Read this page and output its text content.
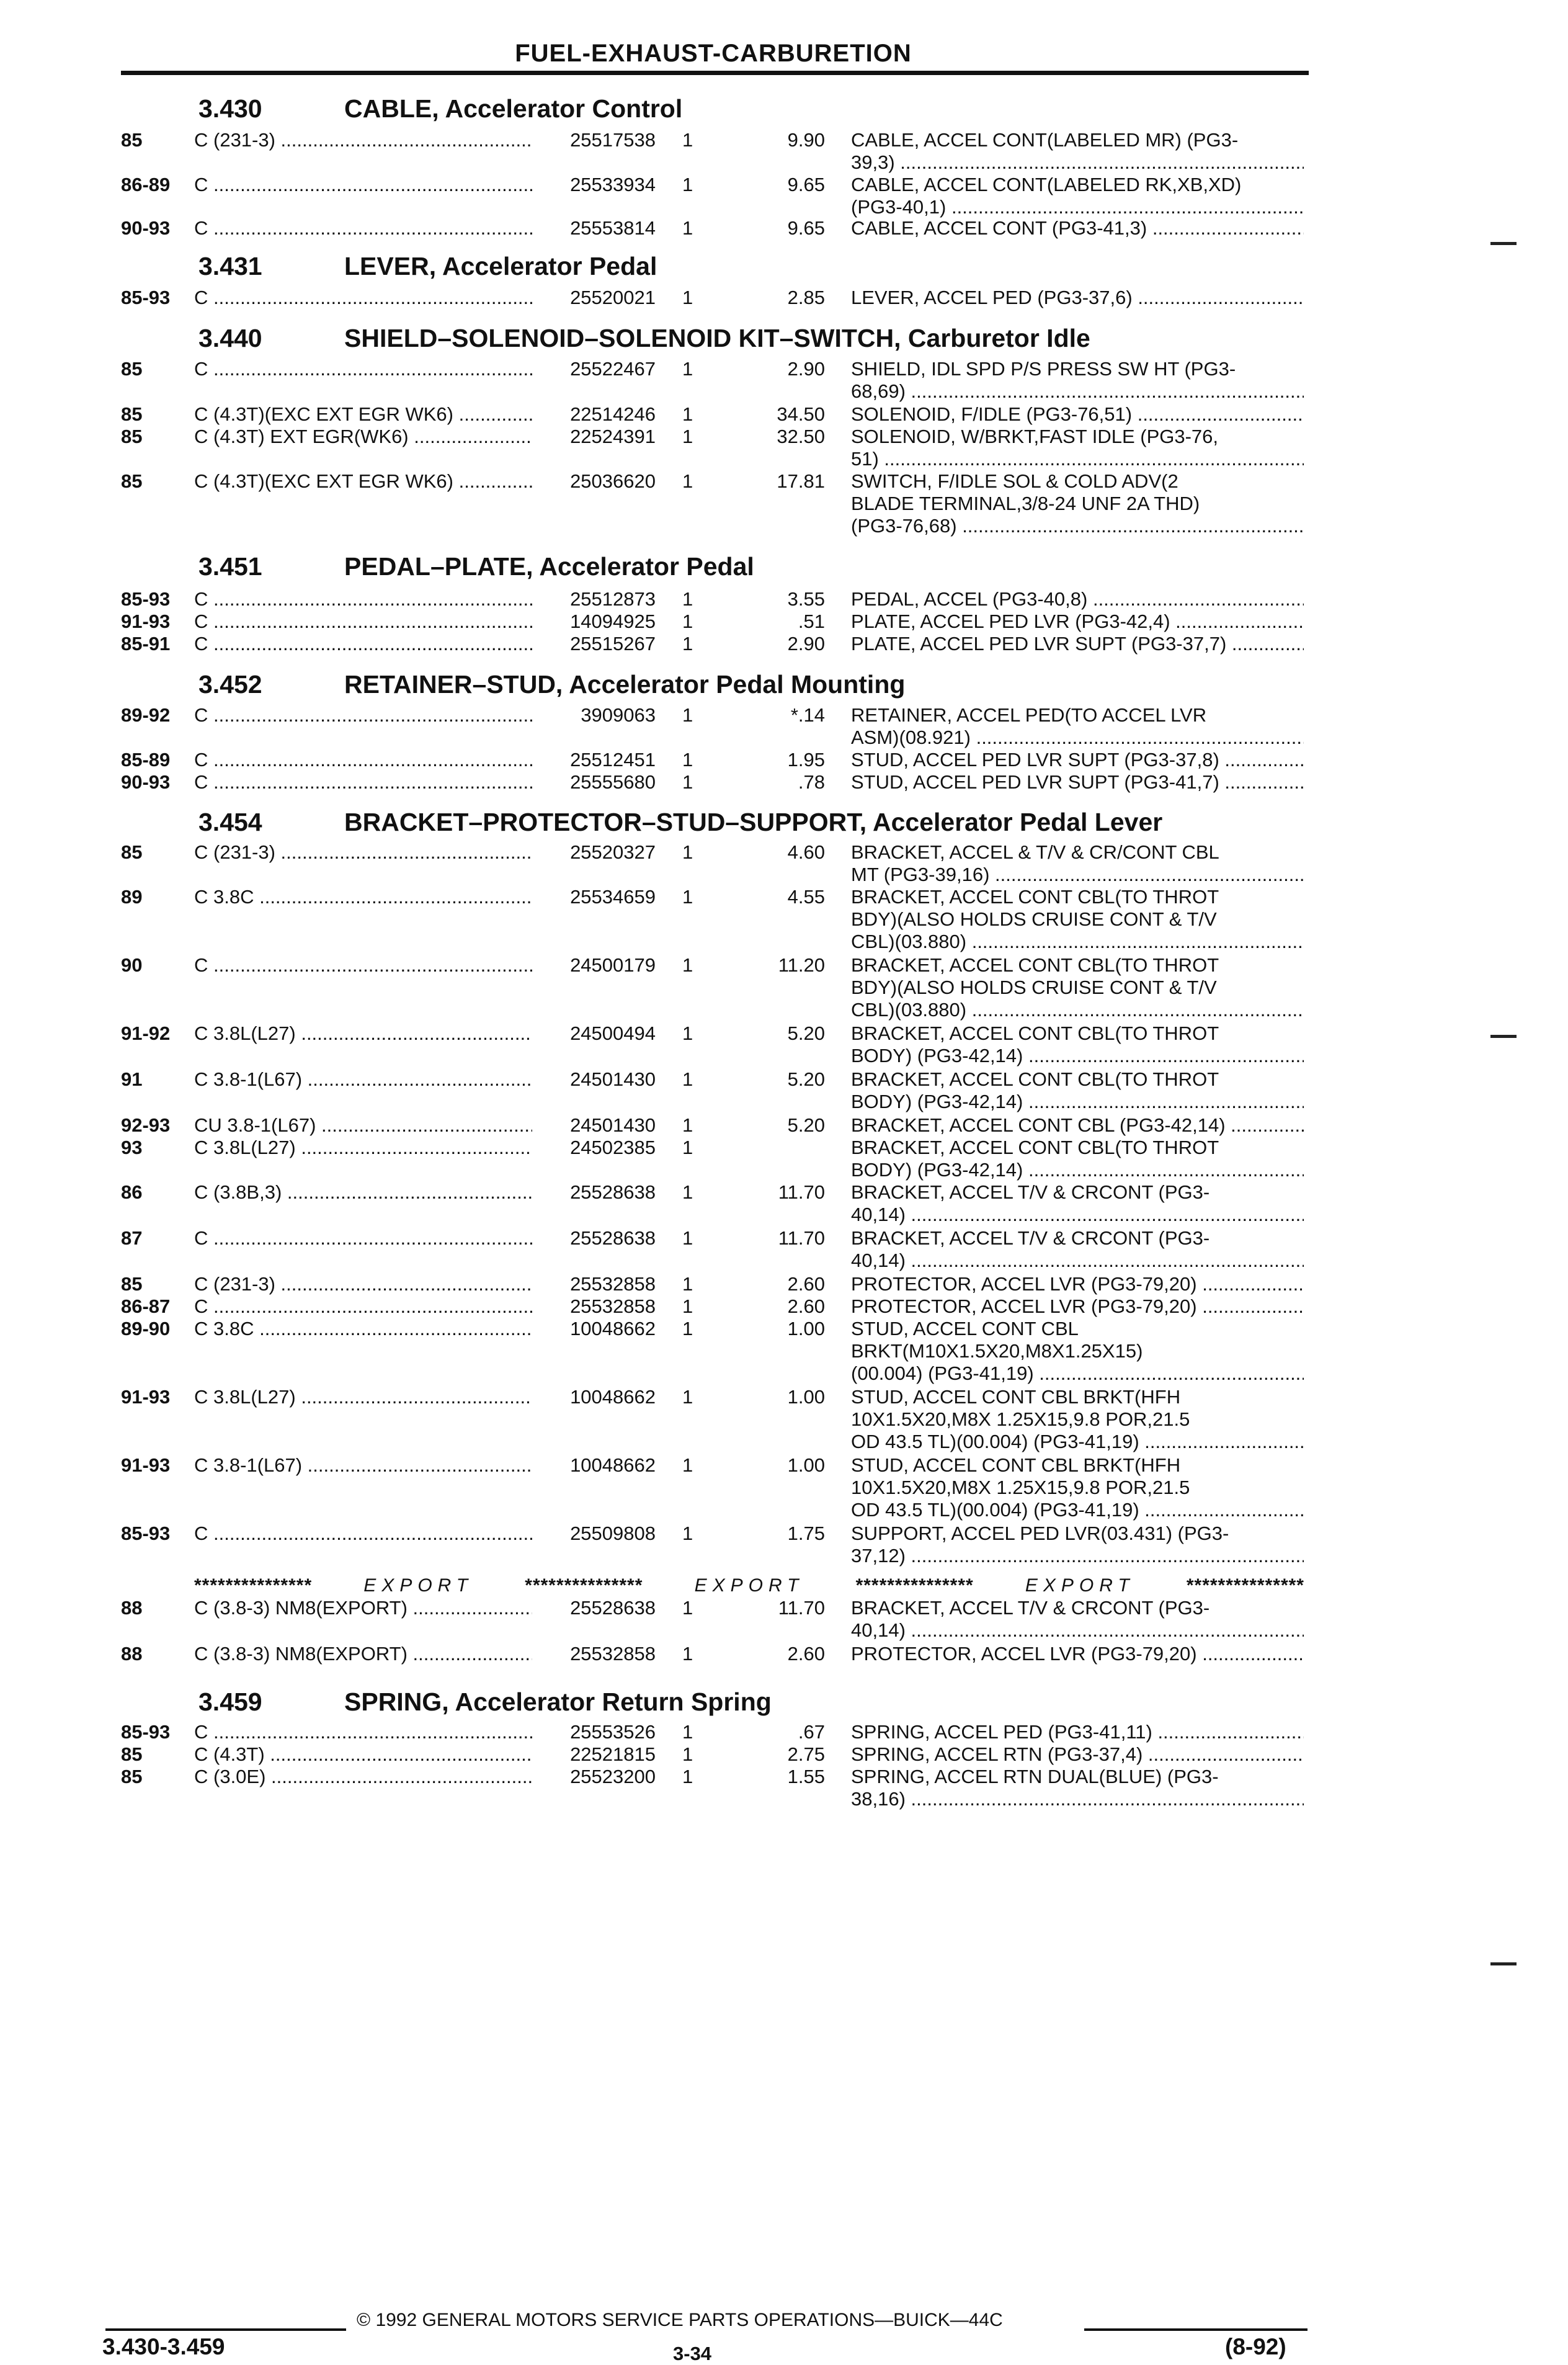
FUEL-EXHAUST-CARBURETION
3.430	CABLE, Accelerator Control
3.431	LEVER, Accelerator Pedal
3.440	SHIELD–SOLENOID–SOLENOID KIT–SWITCH, Carburetor Idle
3.451	PEDAL–PLATE, Accelerator Pedal
3.452	RETAINER–STUD, Accelerator Pedal Mounting
3.454	BRACKET–PROTECTOR–STUD–SUPPORT, Accelerator Pedal Lever
3.459	SPRING, Accelerator Return Spring
85	C (231-3) .....	25517538 1	9.90 CABLE, ACCEL CONT(LABELED MR) (PG3-
39,3) .....
86-89 C .....	25533934 1	9.65 CABLE, ACCEL CONT(LABELED RK,XB,XD)
(PG3-40,1) .....
90-93 C .....	25553814 1	9.65 CABLE, ACCEL CONT (PG3-41,3) .....
85-93 C .....	25520021 1	2.85 LEVER, ACCEL PED (PG3-37,6) .....
85	C .....	25522467 1	2.90 SHIELD, IDL SPD P/S PRESS SW HT (PG3-
68,69) .....
85	C (4.3T)(EXC EXT EGR WK6) .....	22514246 1	34.50 SOLENOID, F/IDLE (PG3-76,51) .....
85	C (4.3T) EXT EGR(WK6) .....	22524391 1	32.50 SOLENOID, W/BRKT,FAST IDLE (PG3-76,
51) .....
85	C (4.3T)(EXC EXT EGR WK6) .....	25036620 1	17.81 SWITCH, F/IDLE SOL & COLD ADV(2
BLADE TERMINAL,3/8-24 UNF 2A THD)
(PG3-76,68) .....
85-93 C .....	25512873 1	3.55 PEDAL, ACCEL (PG3-40,8) .....
91-93 C .....	14094925 1	.51 PLATE, ACCEL PED LVR (PG3-42,4) .....
85-91 C .....	25515267 1	2.90 PLATE, ACCEL PED LVR SUPT (PG3-37,7) .....
89-92 C .....	3909063 1	*.14 RETAINER, ACCEL PED(TO ACCEL LVR
ASM)(08.921) .....
85-89 C .....	25512451 1	1.95 STUD, ACCEL PED LVR SUPT (PG3-37,8) .....
90-93 C .....	25555680 1	.78 STUD, ACCEL PED LVR SUPT (PG3-41,7) .....
85	C (231-3) .....	25520327 1	4.60 BRACKET, ACCEL & T/V & CR/CONT CBL
MT (PG3-39,16) .....
89	C 3.8C .....	25534659 1	4.55 BRACKET, ACCEL CONT CBL(TO THROT
BDY)(ALSO HOLDS CRUISE CONT & T/V
CBL)(03.880) .....
90	C .....	24500179 1	11.20 BRACKET, ACCEL CONT CBL(TO THROT
BDY)(ALSO HOLDS CRUISE CONT & T/V
CBL)(03.880) .....
91-92 C 3.8L(L27) .....	24500494 1	5.20 BRACKET, ACCEL CONT CBL(TO THROT
BODY) (PG3-42,14) .....
91	C 3.8-1(L67) .....	24501430 1	5.20 BRACKET, ACCEL CONT CBL(TO THROT
BODY) (PG3-42,14) .....
92-93 CU 3.8-1(L67) .....	24501430 1	5.20 BRACKET, ACCEL CONT CBL (PG3-42,14) .....
93	C 3.8L(L27) .....	24502385 1	BRACKET, ACCEL CONT CBL(TO THROT
BODY) (PG3-42,14) .....
86	C (3.8B,3) .....	25528638 1	11.70 BRACKET, ACCEL T/V & CRCONT (PG3-
40,14) .....
87	C .....	25528638 1	11.70 BRACKET, ACCEL T/V & CRCONT (PG3-
40,14) .....
85	C (231-3) .....	25532858 1	2.60 PROTECTOR, ACCEL LVR (PG3-79,20) .....
86-87 C .....	25532858 1	2.60 PROTECTOR, ACCEL LVR (PG3-79,20) .....
89-90 C 3.8C .....	10048662 1	1.00 STUD, ACCEL CONT CBL
BRKT(M10X1.5X20,M8X1.25X15)
(00.004) (PG3-41,19) .....
91-93 C 3.8L(L27) .....	10048662 1	1.00 STUD, ACCEL CONT CBL BRKT(HFH
10X1.5X20,M8X 1.25X15,9.8 POR,21.5
OD 43.5 TL)(00.004) (PG3-41,19) .....
91-93 C 3.8-1(L67) .....	10048662 1	1.00 STUD, ACCEL CONT CBL BRKT(HFH
10X1.5X20,M8X 1.25X15,9.8 POR,21.5
OD 43.5 TL)(00.004) (PG3-41,19) .....
85-93 C .....	25509808 1	1.75 SUPPORT, ACCEL PED LVR(03.431) (PG3-
37,12) .....
88	C (3.8-3) NM8(EXPORT) .....	25528638 1	11.70 BRACKET, ACCEL T/V & CRCONT (PG3-
40,14) .....
88	C (3.8-3) NM8(EXPORT) .....	25532858 1	2.60 PROTECTOR, ACCEL LVR (PG3-79,20) .....
85-93 C .....	25553526 1	.67 SPRING, ACCEL PED (PG3-41,11) .....
85	C (4.3T) .....	22521815 1	2.75 SPRING, ACCEL RTN (PG3-37,4) .....
85	C (3.0E) .....	25523200 1	1.55 SPRING, ACCEL RTN DUAL(BLUE) (PG3-
38,16) .....
***************	EXPORT	***************	EXPORT	***************	EXPORT	***************
© 1992 GENERAL MOTORS SERVICE PARTS OPERATIONS—BUICK—44C
3.430-3.459	3-34	(8-92)
